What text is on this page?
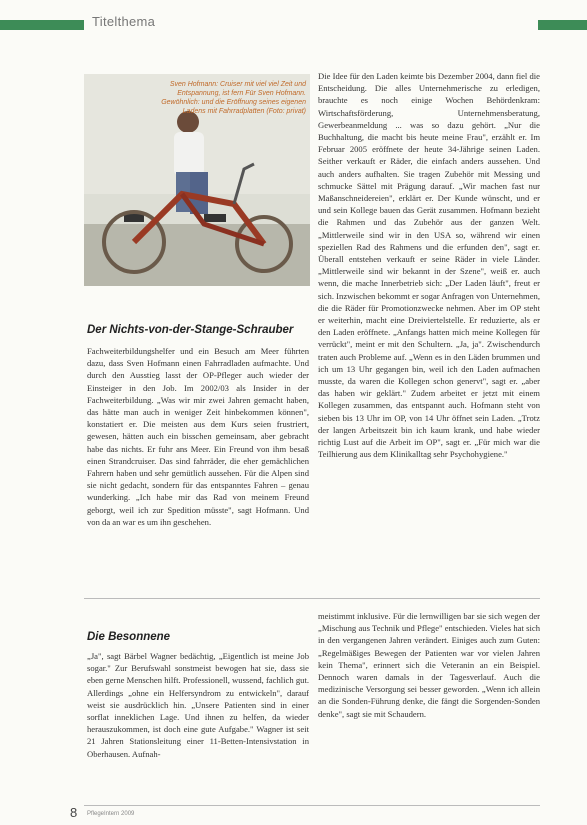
Titelthema
Sven Hofmann: Cruiser mit viel viel Zeit und Entspannung, ist fern Für Sven Hofmann. Gewöhnlich: und die Eröffnung seines eigenen Ladens mit Fahrradplatten (Foto: privat)
Der Nichts-von-der-Stange-Schrauber

Fachweiterbildungshelfer und ein Besuch am Meer führten dazu, dass Sven Hofmann einen Fahrradladen aufmachte. Und durch den Ausstieg lasst der OP-Pfleger auch wieder der Einsteiger in den Job. Im 2002/03 als Insider in der Fachweiterbildung. „Was wir mir zwei Jahren gemacht haben, das hätte man auch in weniger Zeit hinbekommen können", konstatiert er. Die meisten aus dem Kurs seien frustriert, gewesen, hätten auch ein bisschen gemeinsam, aber gebracht habe das nichts. Er fuhr ans Meer. Ein Freund von ihm besaß einen Strandcruiser. Das sind fahrräder, die eher gemächlichen Fahrern haben und sehr gemütlich aussehen. Für die Alpen sind sie nicht gedacht, sondern für das entspanntes Fahren – genau wunderking. „Ich habe mir das Rad von meinem Freund geborgt, weil ich zur Spedition müsste", sagt Hofmann. Und von da an war es um ihn geschehen.

Die Idee für den Laden keimte bis Dezember 2004, dann fiel die Entscheidung. Die alles Unternehmerische zu erledigen, brauchte es noch einige Wochen Behördenkram: Wirtschaftsförderung, Unternehmensberatung, Gewerbeanmeldung ... was so dazu gehört. „Nur die Buchhaltung, die macht bis heute meine Frau", erzählt er. Im Februar 2005 eröffnete der heute 34-Jährige seinen Laden. Seither verkauft er Räder, die einfach anders aussehen. Und auch anders aufhalten. Sie tragen Zubehör mit Messing und schmucke Sättel mit Prägung darauf. „Wir machen fast nur Maßanschneidereien", erklärt er. Der Kunde wünscht, und er und sein Kollege bauen das Gerät zusammen. Hofmann bezieht die Rahmen und das Zubehör aus der ganzen Welt. „Mittlerweile sind wir in den USA so, während wir einen speziellen Rad des Rahmens und die erfunden den", sagt er. Überall entstehen verkauft er seine Räder in viele Länder. „Mittlerweile sind wir bekannt in der Szene", weiß er. auch wenn, die mache Innerbetrieb sich: „Der Laden läuft", freut er sich. Inzwischen bekommt er sogar Anfragen von Unternehmen, die die Räder für Promotionzwecke nehmen. Aber im OP steht er weiterhin, macht eine Dreiviertelstelle. Er reduzierte, als er den Laden eröffnete. „Anfangs hatten mich meine Kollegen für verrückt", meint er mit den Schultern. „Ja, ja". Zwischendurch traten auch Probleme auf. „Wenn es in den Läden brummen und ich um 13 Uhr gegangen bin, weil ich den Laden aufmachen musste, da waren die Kollegen schon genervt", sagt er. „aber das haben wir geklärt." Zudem arbeitet er jetzt mit einem Kollegen zusammen, das entspannt auch. Hofmann steht von sieben bis 13 Uhr im OP, von 14 Uhr öffnet sein Laden. „Trotz der langen Arbeitszeit bin ich kaum krank, und habe wieder richtig Lust auf die Arbeit im OP", sagt er. „Für mich war die Teilhierung aus dem Klinikalltag sehr Psychohygiene."

Die Besonnene

„Ja", sagt Bärbel Wagner bedächtig, „Eigentlich ist meine Job sogar." Zur Berufswahl sonstmeist bewogen hat sie, dass sie eben gerne Menschen hilft. Professionell, wussend, fachlich gut. Allerdings „ohne ein Helfersyndrom zu entwickeln", darauf weist sie ausdrücklich hin. „Unsere Patienten sind in einer sorflat inneklichen Lage. Und ihnen zu helfen, da wieder herauszukommen, ist doch eine gute Aufgabe." Wagner ist seit 21 Jahren Stationsleitung einer 11-Betten-Intensivstation in Oberhausen. Aufnah-

meistimmt inklusive. Für die lernwilligen bar sie sich wegen der „Mischung aus Technik und Pflege" entschieden. Vieles hat sich in den vergangenen Jahren verändert. Einiges auch zum Guten: „Regelmäßiges Bewegen der Patienten war vor vielen Jahren kein Thema", erinnert sich die Veteranin an ein Beispiel. Dennoch waren damals in der Tagesverlauf. Auch die medizinische Versorgung sei besser geworden. „Wenn ich allein an die Sonden-Führung denke, die fängt die Sorgenden-Sonden denke", sagt sie mit Schaudern.

8 PflegeIntern 2009
